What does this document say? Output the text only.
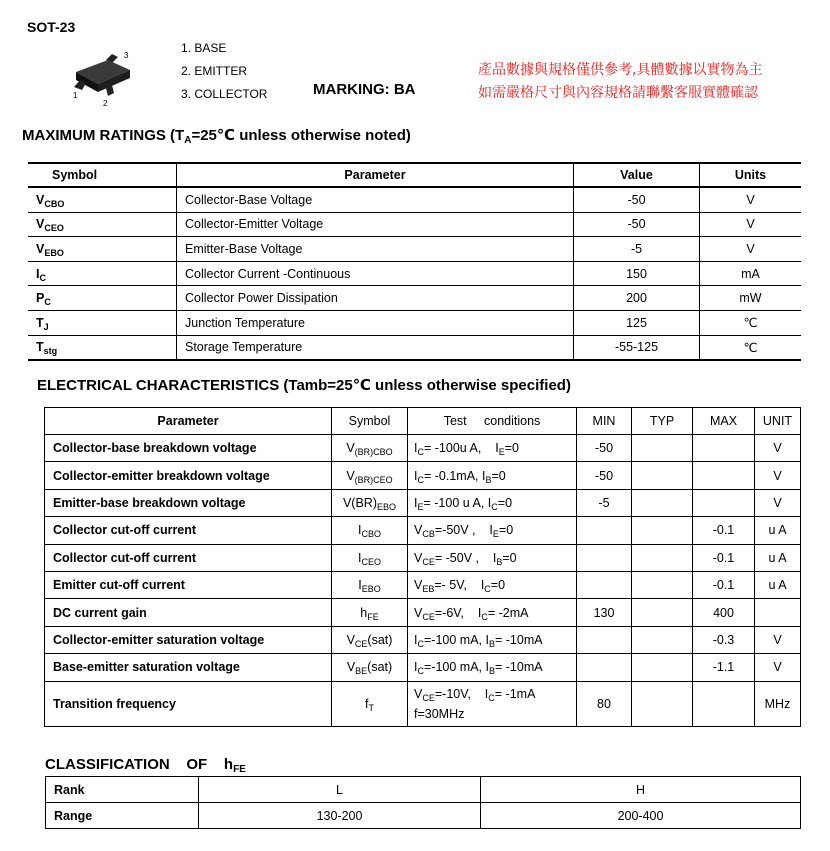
SOT-23
1
2
3
1. BASE
2. EMITTER
3. COLLECTOR	MARKING: BA
產品數據與規格僅供參考,具體數據以實物為主
如需嚴格尺寸與內容規格請聯繫客服實體確認
MAXIMUM RATINGS ($T_A=25℃$ unless otherwise noted)
Symbol	Parameter	Value	Units
$V_{CBO}$	Collector-Base Voltage	-50	V
$V_{CEO}$	Collector-Emitter Voltage	-50	V
$V_{EBO}$	Emitter-Base Voltage	-5	V
$I_C$	Collector Current -Continuous	150	mA
$P_C$	Collector Power Dissipation	200	mW
$T_J$	Junction Temperature	125	℃
$T_{stg}$	Storage Temperature	-55-125	℃
ELECTRICAL CHARACTERISTICS (Tamb=25℃ unless otherwise specified)
Parameter	Symbol	Test     conditions	MIN	TYP	MAX	UNIT
Collector-base breakdown voltage	$V_{(BR)CBO}$	$I_C= -100u$ A,    $I_E=0$	-50			V
Collector-emitter breakdown voltage	$V_{(BR)CEO}$	$I_C= -0.1mA$, $I_B=0$	-50			V
Emitter-base breakdown voltage	$V(BR)_{EBO}$	$I_E= -100$ u A, $I_C=0$	-5			V
Collector cut-off current	$I_{CBO}$	$V_{CB}=-50V$ ,    $I_E=0$			-0.1	u A
Collector cut-off current	$I_{CEO}$	$V_{CE}= -50V$ ,    $I_B=0$			-0.1	u A
Emitter cut-off current	$I_{EBO}$	$V_{EB}=-$ 5V,    $I_C=0$			-0.1	u A
DC current gain	$h_{FE}$	$V_{CE}=-6V$,    $I_C= -2mA$	130		400	
Collector-emitter saturation voltage	$V_{CE}(sat)$	$I_C=-100$ mA, $I_B= -10mA$			-0.3	V
Base-emitter saturation voltage	$V_{BE}(sat)$	$I_C=-100$ mA, $I_B= -10mA$			-1.1	V
Transition frequency	$f_T$	$V_{CE}=-10V$,    $I_C= -1mA$
f=30MHz	80			MHz
CLASSIFICATION    OF    $h_{FE}$
Rank	L	H
Range	130-200	200-400
